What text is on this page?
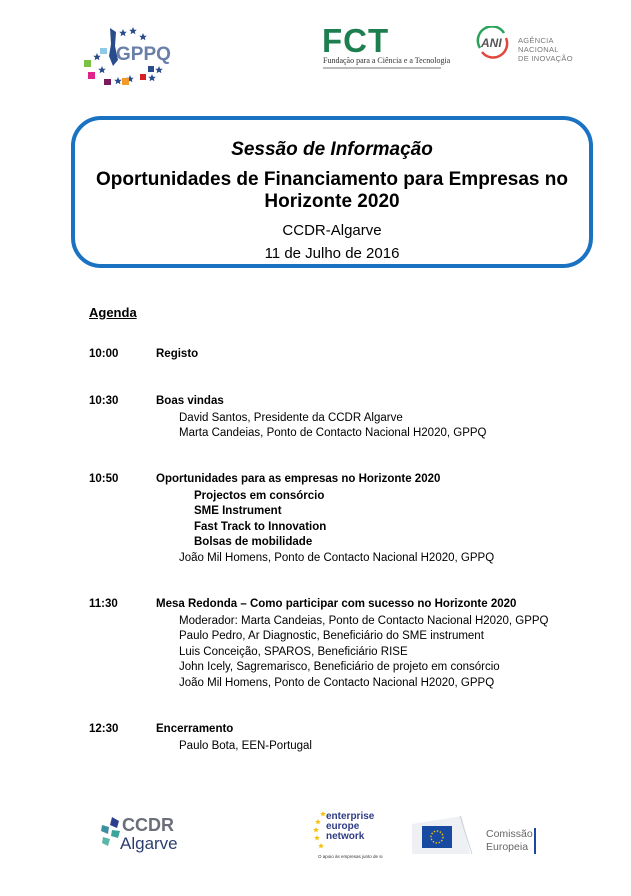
GPPQ	FCT
Fundação para a Ciência e a Tecnologia
ANI AGÊNCIA NACIONAL
DE INOVAÇÃO
Sessão de Informação
Oportunidades de Financiamento para Empresas no
Horizonte 2020
CCDR-Algarve
11 de Julho de 2016
Agenda
10:00	Registo
10:30	Boas vindas
David Santos, Presidente da CCDR Algarve
Marta Candeias, Ponto de Contacto Nacional H2020, GPPQ
10:50	Oportunidades para as empresas no Horizonte 2020
Projectos em consórcio
SME Instrument
Fast Track to Innovation
Bolsas de mobilidade
João Mil Homens, Ponto de Contacto Nacional H2020, GPPQ
11:30	Mesa Redonda – Como participar com sucesso no Horizonte 2020
Moderador: Marta Candeias, Ponto de Contacto Nacional H2020, GPPQ
Paulo Pedro, Ar Diagnostic, Beneficiário do SME instrument
Luis Conceição, SPAROS, Beneficiário RISE
John Icely, Sagremarisco, Beneficiário de projeto em consórcio
João Mil Homens, Ponto de Contacto Nacional H2020, GPPQ
12:30	Encerramento
Paulo Bota, EEN-Portugal
CCDR
Algarve
enterprise
europe
network
O apoio às empresas junto de si
Comissão
Europeia
